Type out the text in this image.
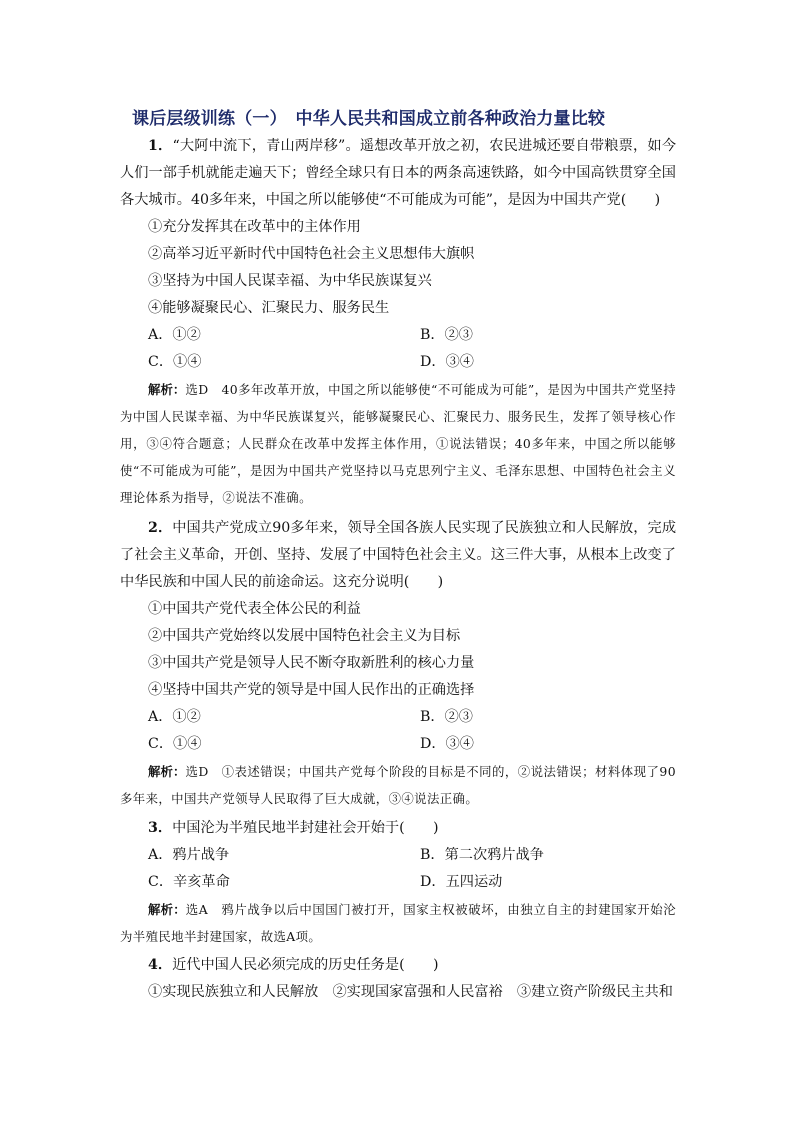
课后层级训练（一）　中华人民共和国成立前各种政治力量比较

1．“大阿中流下，青山两岸移”。遥想改革开放之初，农民进城还要自带粮票，如今人们一部手机就能走遍天下；曾经全球只有日本的两条高速铁路，如今中国高铁贯穿全国各大城市。40多年来，中国之所以能够使“不可能成为可能”，是因为中国共产党(　　)

①充分发挥其在改革中的主体作用

②高举习近平新时代中国特色社会主义思想伟大旗帜

③坚持为中国人民谋幸福、为中华民族谋复兴

④能够凝聚民心、汇聚民力、服务民生

A．①②	B．②③
C．①④	D．③④

解析：选D　40多年改革开放，中国之所以能够使“不可能成为可能”，是因为中国共产党坚持为中国人民谋幸福、为中华民族谋复兴，能够凝聚民心、汇聚民力、服务民生，发挥了领导核心作用，③④符合题意；人民群众在改革中发挥主体作用，①说法错误；40多年来，中国之所以能够使“不可能成为可能”，是因为中国共产党坚持以马克思列宁主义、毛泽东思想、中国特色社会主义理论体系为指导，②说法不准确。

2．中国共产党成立90多年来，领导全国各族人民实现了民族独立和人民解放，完成了社会主义革命，开创、坚持、发展了中国特色社会主义。这三件大事，从根本上改变了中华民族和中国人民的前途命运。这充分说明(　　)

①中国共产党代表全体公民的利益

②中国共产党始终以发展中国特色社会主义为目标

③中国共产党是领导人民不断夺取新胜利的核心力量

④坚持中国共产党的领导是中国人民作出的正确选择

A．①②	B．②③
C．①④	D．③④

解析：选D　①表述错误；中国共产党每个阶段的目标是不同的，②说法错误；材料体现了90多年来，中国共产党领导人民取得了巨大成就，③④说法正确。

3．中国沦为半殖民地半封建社会开始于(　　)

A．鸦片战争	B．第二次鸦片战争
C．辛亥革命	D．五四运动

解析：选A　鸦片战争以后中国国门被打开，国家主权被破坏，由独立自主的封建国家开始沦为半殖民地半封建国家，故选A项。

4．近代中国人民必须完成的历史任务是(　　)

①实现民族独立和人民解放　②实现国家富强和人民富裕　③建立资产阶级民主共和
